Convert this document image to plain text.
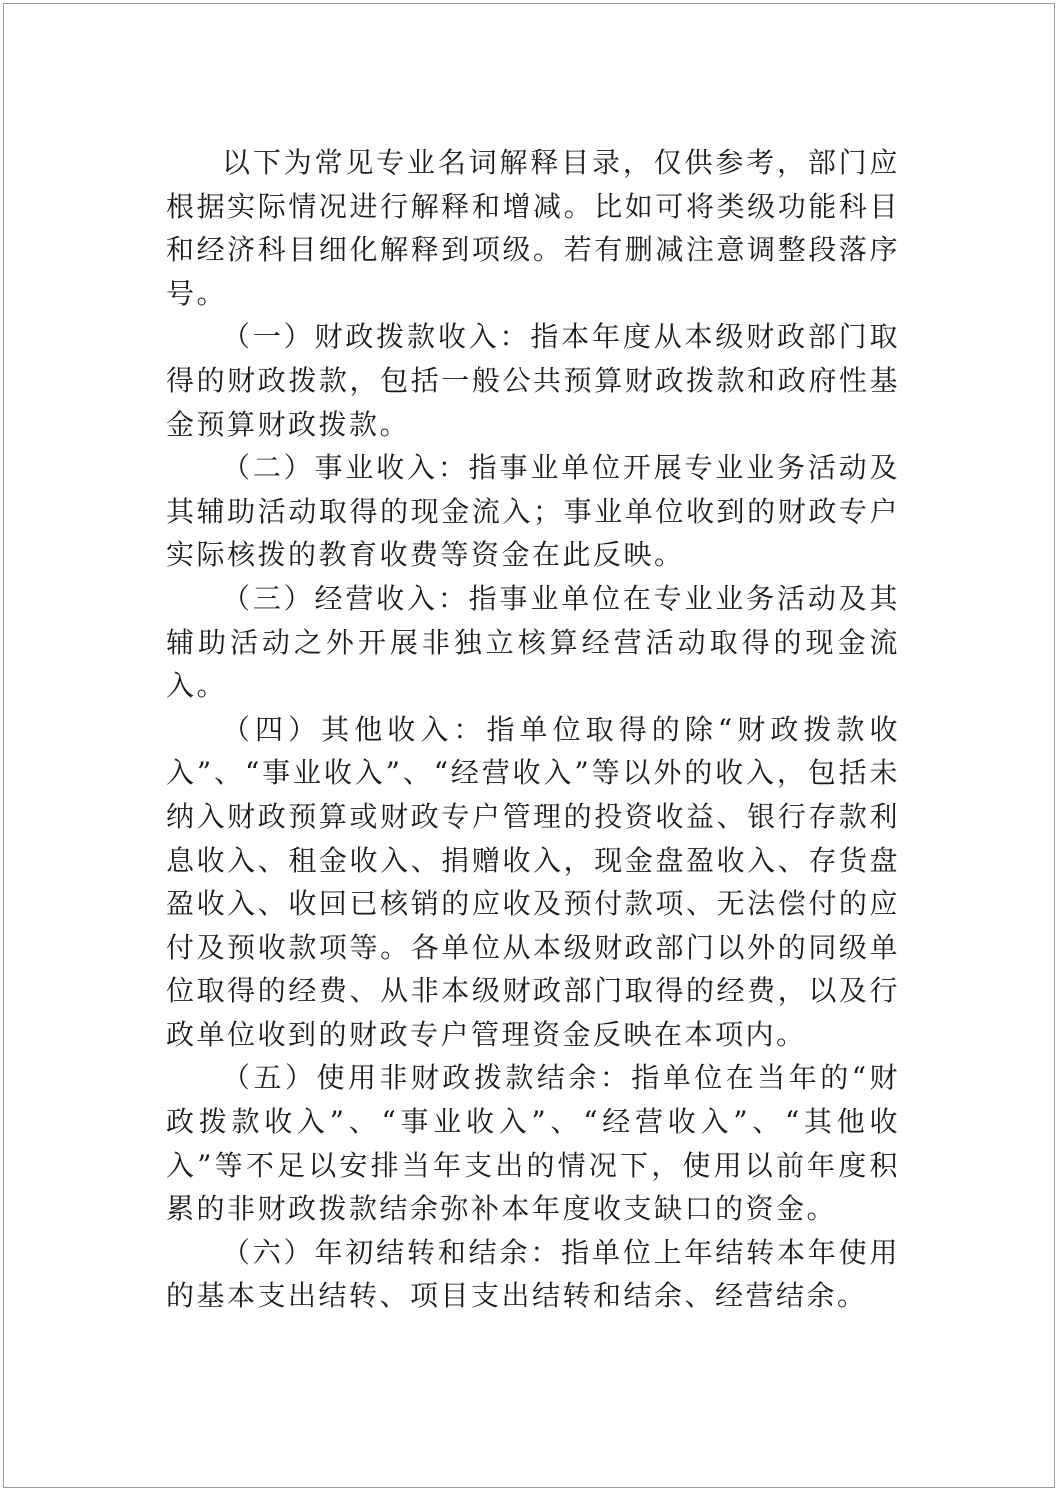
以下为常见专业名词解释目录，仅供参考，部门应根据实际情况进行解释和增减。比如可将类级功能科目和经济科目细化解释到项级。若有删减注意调整段落序号。

（一）财政拨款收入：指本年度从本级财政部门取得的财政拨款，包括一般公共预算财政拨款和政府性基金预算财政拨款。

（二）事业收入：指事业单位开展专业业务活动及其辅助活动取得的现金流入；事业单位收到的财政专户实际核拨的教育收费等资金在此反映。

（三）经营收入：指事业单位在专业业务活动及其辅助活动之外开展非独立核算经营活动取得的现金流入。

（四）其他收入：指单位取得的除“财政拨款收入”、“事业收入”、“经营收入”等以外的收入，包括未纳入财政预算或财政专户管理的投资收益、银行存款利息收入、租金收入、捐赠收入，现金盘盈收入、存货盘盈收入、收回已核销的应收及预付款项、无法偿付的应付及预收款项等。各单位从本级财政部门以外的同级单位取得的经费、从非本级财政部门取得的经费，以及行政单位收到的财政专户管理资金反映在本项内。

（五）使用非财政拨款结余：指单位在当年的“财政拨款收入”、“事业收入”、“经营收入”、“其他收入”等不足以安排当年支出的情况下，使用以前年度积累的非财政拨款结余弥补本年度收支缺口的资金。

（六）年初结转和结余：指单位上年结转本年使用的基本支出结转、项目支出结转和结余、经营结余。
